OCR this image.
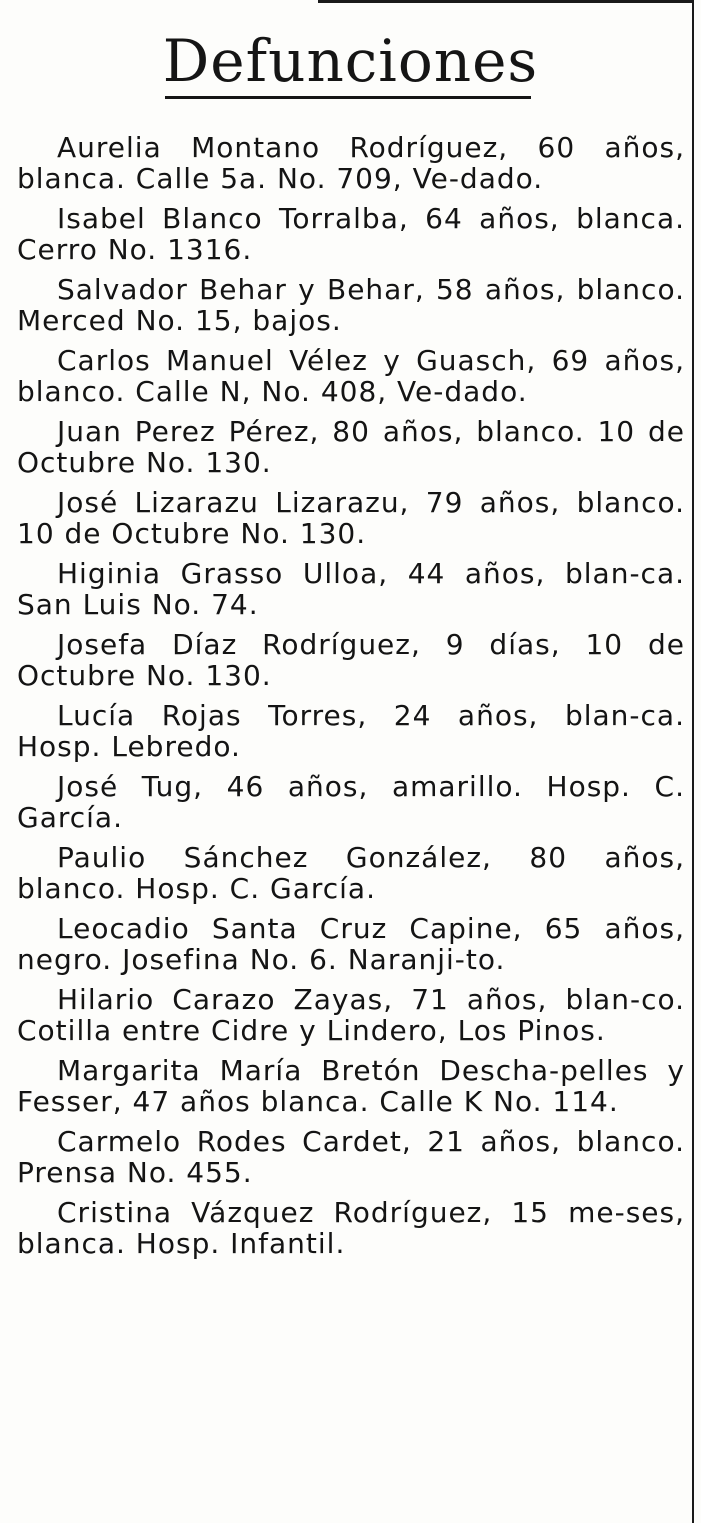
Defunciones

Aurelia Montano Rodríguez, 60 años, blanca. Calle 5a. No. 709, Ve-dado.

Isabel Blanco Torralba, 64 años, blanca. Cerro No. 1316.

Salvador Behar y Behar, 58 años, blanco. Merced No. 15, bajos.

Carlos Manuel Vélez y Guasch, 69 años, blanco. Calle N, No. 408, Ve-dado.

Juan Perez Pérez, 80 años, blanco. 10 de Octubre No. 130.

José Lizarazu Lizarazu, 79 años, blanco. 10 de Octubre No. 130.

Higinia Grasso Ulloa, 44 años, blan-ca. San Luis No. 74.

Josefa Díaz Rodríguez, 9 días, 10 de Octubre No. 130.

Lucía Rojas Torres, 24 años, blan-ca. Hosp. Lebredo.

José Tug, 46 años, amarillo. Hosp. C. García.

Paulio Sánchez González, 80 años, blanco. Hosp. C. García.

Leocadio Santa Cruz Capine, 65 años, negro. Josefina No. 6. Naranji-to.

Hilario Carazo Zayas, 71 años, blan-co. Cotilla entre Cidre y Lindero, Los Pinos.

Margarita María Bretón Descha-pelles y Fesser, 47 años blanca. Calle K No. 114.

Carmelo Rodes Cardet, 21 años, blanco. Prensa No. 455.

Cristina Vázquez Rodríguez, 15 me-ses, blanca. Hosp. Infantil.
